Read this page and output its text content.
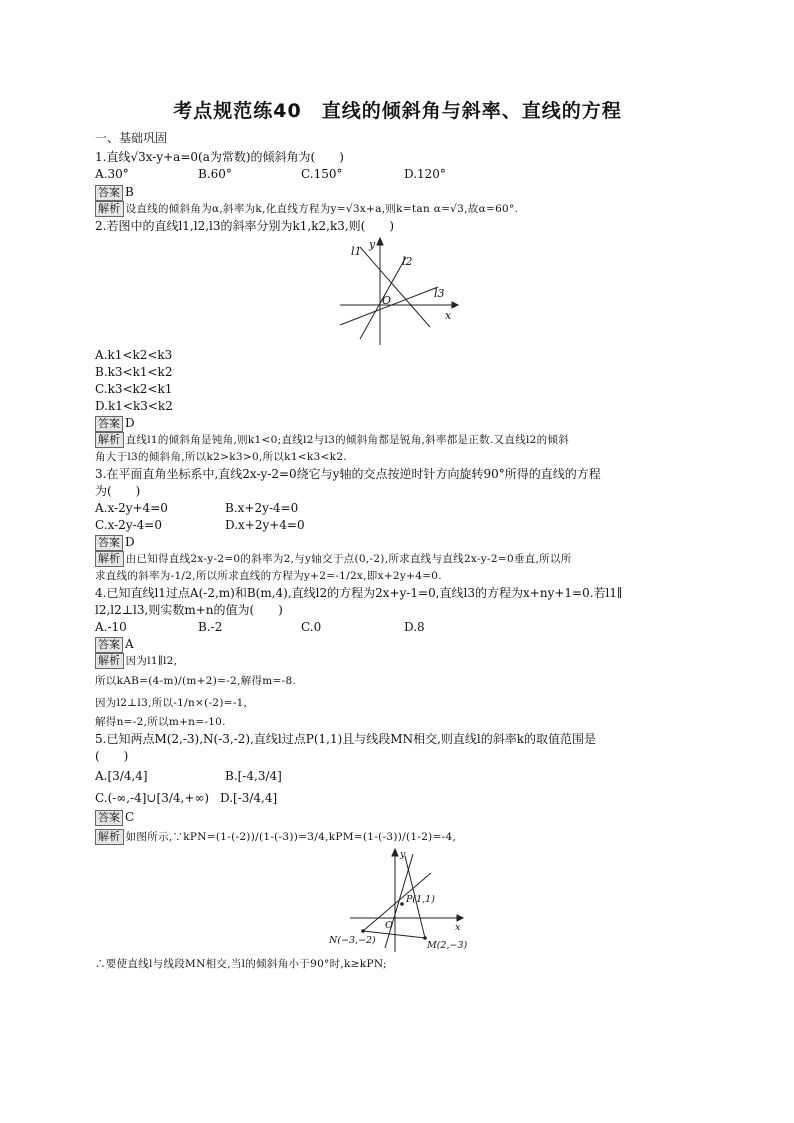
考点规范练40　直线的倾斜角与斜率、直线的方程
一、基础巩固
1.直线√3x-y+a=0(a为常数)的倾斜角为(　　)
A.30°	B.60°	C.150°	D.120°
答案 B
解析 设直线的倾斜角为α,斜率为k,化直线方程为y=√3x+a,则k=tan α=√3,故α=60°.
2.若图中的直线l1,l2,l3的斜率分别为k1,k2,k3,则(　　)
l1
l2
l3
y
x
O
A.k1<k2<k3
B.k3<k1<k2
C.k3<k2<k1
D.k1<k3<k2
答案 D
解析 直线l1的倾斜角是钝角,则k1<0;直线l2与l3的倾斜角都是锐角,斜率都是正数.又直线l2的倾斜
角大于l3的倾斜角,所以k2>k3>0,所以k1<k3<k2.
3.在平面直角坐标系中,直线2x-y-2=0绕它与y轴的交点按逆时针方向旋转90°所得的直线的方程
为(　　)
A.x-2y+4=0	B.x+2y-4=0
C.x-2y-4=0	D.x+2y+4=0
答案 D
解析 由已知得直线2x-y-2=0的斜率为2,与y轴交于点(0,-2),所求直线与直线2x-y-2=0垂直,所以所
求直线的斜率为-1/2,所以所求直线的方程为y+2=-1/2x,即x+2y+4=0.
4.已知直线l1过点A(-2,m)和B(m,4),直线l2的方程为2x+y-1=0,直线l3的方程为x+ny+1=0.若l1∥
l2,l2⊥l3,则实数m+n的值为(　　)
A.-10	B.-2	C.0	D.8
答案 A
解析 因为l1∥l2,
所以kAB=(4-m)/(m+2)=-2,解得m=-8.
因为l2⊥l3,所以-1/n×(-2)=-1,
解得n=-2,所以m+n=-10.
5.已知两点M(2,-3),N(-3,-2),直线l过点P(1,1)且与线段MN相交,则直线l的斜率k的取值范围是
(　　)
A.[3/4,4]	B.[-4,3/4]
C.(-∞,-4]∪[3/4,+∞) D.[-3/4,4]
答案 C
解析 如图所示,∵kPN=(1-(-2))/(1-(-3))=3/4,kPM=(1-(-3))/(1-2)=-4,
P(1,1)
N(−3,−2)	M(2,−3)
y
x
O
∴要使直线l与线段MN相交,当l的倾斜角小于90°时,k≥kPN;
